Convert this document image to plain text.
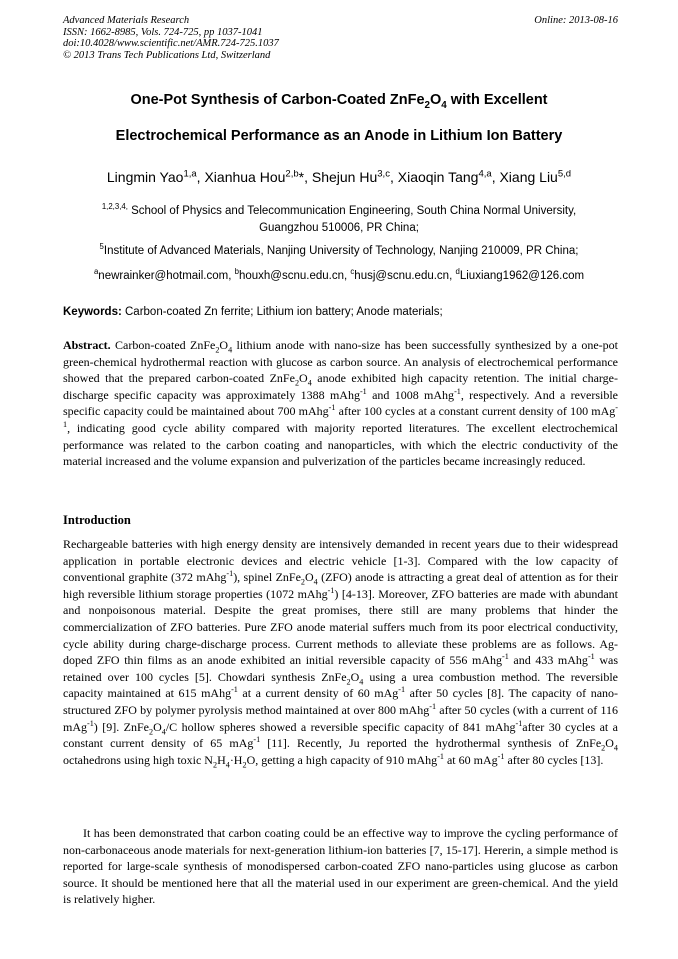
Advanced Materials Research
ISSN: 1662-8985, Vols. 724-725, pp 1037-1041
doi:10.4028/www.scientific.net/AMR.724-725.1037
© 2013 Trans Tech Publications Ltd, Switzerland
Online: 2013-08-16
One-Pot Synthesis of Carbon-Coated $ZnFe_2O_4$ with Excellent
Electrochemical Performance as an Anode in Lithium Ion Battery
Lingmin Yao$^{1,a}$, Xianhua Hou$^{2,b}$*, Shejun Hu$^{3,c}$, Xiaoqin Tang$^{4,a}$, Xiang Liu$^{5,d}$
$^{1,2,3,4,}$ School of Physics and Telecommunication Engineering, South China Normal University,
Guangzhou 510006, PR China;
$^5$Institute of Advanced Materials, Nanjing University of Technology, Nanjing 210009, PR China;
$^a$newrainker@hotmail.com, $^b$houxh@scnu.edu.cn, $^c$husj@scnu.edu.cn, $^d$Liuxiang1962@126.com
Keywords: Carbon-coated Zn ferrite; Lithium ion battery; Anode materials;
Abstract. Carbon-coated $ZnFe_2O_4$ lithium anode with nano-size has been successfully synthesized by a one-pot green-chemical hydrothermal reaction with glucose as carbon source. An analysis of electrochemical performance showed that the prepared carbon-coated $ZnFe_2O_4$ anode exhibited high capacity retention. The initial charge-discharge specific capacity was approximately 1388 mAhg$^{-1}$ and 1008 mAhg$^{-1}$, respectively. And a reversible specific capacity could be maintained about 700 mAhg$^{-1}$ after 100 cycles at a constant current density of 100 mAg$^{-1}$, indicating good cycle ability compared with majority reported literatures. The excellent electrochemical performance was related to the carbon coating and nanoparticles, with which the electric conductivity of the material increased and the volume expansion and pulverization of the particles became increasingly reduced.
Introduction
Rechargeable batteries with high energy density are intensively demanded in recent years due to their widespread application in portable electronic devices and electric vehicle [1-3]. Compared with the low capacity of conventional graphite (372 mAhg$^{-1}$), spinel $ZnFe_2O_4$ (ZFO) anode is attracting a great deal of attention as for their high reversible lithium storage properties (1072 mAhg$^{-1}$) [4-13]. Moreover, ZFO batteries are made with abundant and nonpoisonous material. Despite the great promises, there still are many problems that hinder the commercialization of ZFO batteries. Pure ZFO anode material suffers much from its poor electrical conductivity, cycle ability during charge-discharge process. Current methods to alleviate these problems are as follows. Ag-doped ZFO thin films as an anode exhibited an initial reversible capacity of 556 mAhg$^{-1}$ and 433 mAhg$^{-1}$ was retained over 100 cycles [5]. Chowdari synthesis $ZnFe_2O_4$ using a urea combustion method. The reversible capacity maintained at 615 mAhg$^{-1}$ at a current density of 60 mAg$^{-1}$ after 50 cycles [8]. The capacity of nano-structured ZFO by polymer pyrolysis method maintained at over 800 mAhg$^{-1}$ after 50 cycles (with a current of 116 mAg$^{-1}$) [9]. $ZnFe_2O_4/C$ hollow spheres showed a reversible specific capacity of 841 mAhg$^{-1}$after 30 cycles at a constant current density of 65 mAg$^{-1}$ [11]. Recently, Ju reported the hydrothermal synthesis of $ZnFe_2O_4$ octahedrons using high toxic $N_2H_4\cdot H_2O$, getting a high capacity of 910 mAhg$^{-1}$ at 60 mAg$^{-1}$ after 80 cycles [13].
It has been demonstrated that carbon coating could be an effective way to improve the cycling performance of non-carbonaceous anode materials for next-generation lithium-ion batteries [7, 15-17]. Hererin, a simple method is reported for large-scale synthesis of monodispersed carbon-coated ZFO nano-particles using glucose as carbon source. It should be mentioned here that all the material used in our experiment are green-chemical. And the yield is relatively higher.
